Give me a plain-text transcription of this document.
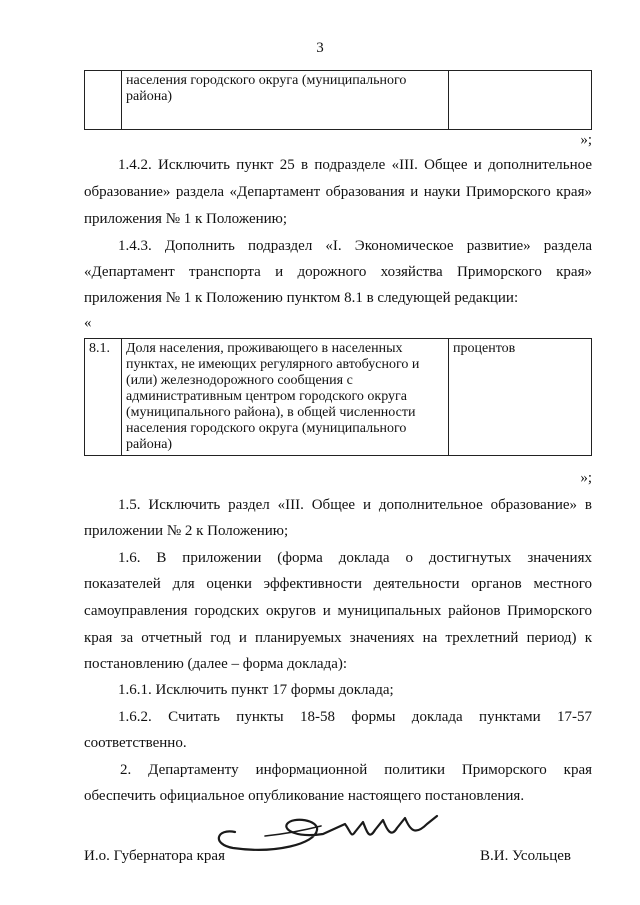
3
	населения городского округа (муниципального района)	
»;
1.4.2. Исключить пункт 25 в подразделе «III. Общее и дополнительное
образование» раздела «Департамент образования и науки Приморского края»
приложения № 1 к Положению;
1.4.3. Дополнить подраздел «I. Экономическое развитие» раздела
«Департамент транспорта и дорожного хозяйства Приморского края»
приложения № 1 к Положению пунктом 8.1 в следующей редакции:
«
8.1.	Доля населения, проживающего в населенных пунктах, не имеющих регулярного автобусного и (или) железнодорожного сообщения с административным центром городского округа (муниципального района), в общей численности населения городского округа (муниципального района)	процентов
»;
1.5. Исключить раздел «III. Общее и дополнительное образование» в
приложении № 2 к Положению;
1.6. В приложении (форма доклада о достигнутых значениях
показателей для оценки эффективности деятельности органов местного
самоуправления городских округов и муниципальных районов Приморского
края за отчетный год и планируемых значениях на трехлетний период) к
постановлению (далее – форма доклада):
1.6.1. Исключить пункт 17 формы доклада;
1.6.2. Считать пункты 18-58 формы доклада пунктами 17-57
соответственно.
2. Департаменту информационной политики Приморского края
обеспечить официальное опубликование настоящего постановления.
И.о. Губернатора края	В.И. Усольцев
